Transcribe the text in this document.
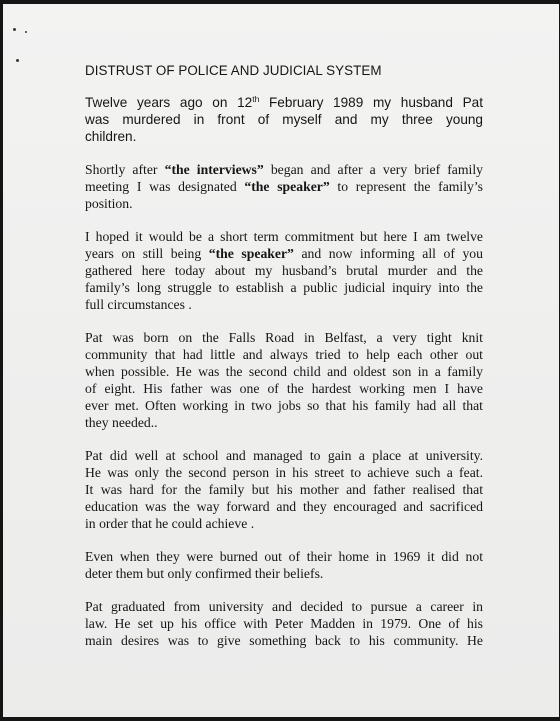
DISTRUST OF POLICE AND JUDICIAL SYSTEM
Twelve years ago on 12th February 1989 my husband Pat
was murdered in front of myself and my three young
children.
Shortly after “the interviews” began and after a very brief family
meeting I was designated “the speaker” to represent the family’s
position.
I hoped it would be a short term commitment but here I am twelve
years on still being “the speaker” and now informing all of you
gathered here today about my husband’s brutal murder and the
family’s long struggle to establish a public judicial inquiry into the
full circumstances .
Pat was born on the Falls Road in Belfast, a very tight knit
community that had little and always tried to help each other out
when possible. He was the second child and oldest son in a family
of eight. His father was one of the hardest working men I have
ever met. Often working in two jobs so that his family had all that
they needed..
Pat did well at school and managed to gain a place at university.
He was only the second person in his street to achieve such a feat.
It was hard for the family but his mother and father realised that
education was the way forward and they encouraged and sacrificed
in order that he could achieve .
Even when they were burned out of their home in 1969 it did not
deter them but only confirmed their beliefs.
Pat graduated from university and decided to pursue a career in
law. He set up his office with Peter Madden in 1979. One of his
main desires was to give something back to his community. He
